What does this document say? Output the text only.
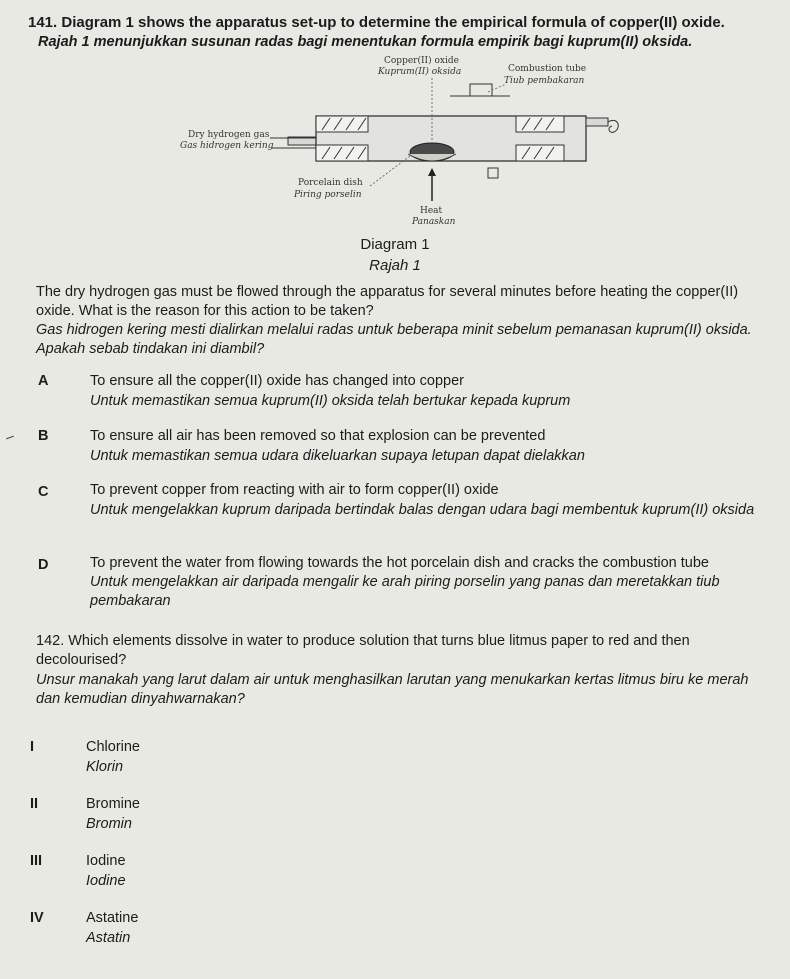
141. Diagram 1 shows the apparatus set-up to determine the empirical formula of copper(II) oxide.
Rajah 1 menunjukkan susunan radas bagi menentukan formula empirik bagi kuprum(II) oksida.
Copper(II) oxide
Kuprum(II) oksida	Combustion tube
Tiub pembakaran
Dry hydrogen gas
Gas hidrogen kering
Porcelain dish
Piring porselin
Heat
Panaskan
Diagram 1
Rajah 1
The dry hydrogen gas must be flowed through the apparatus for several minutes before heating the copper(II) oxide. What is the reason for this action to be taken?
Gas hidrogen kering mesti dialirkan melalui radas untuk beberapa minit sebelum pemanasan kuprum(II) oksida. Apakah sebab tindakan ini diambil?
A	To ensure all the copper(II) oxide has changed into copper
Untuk memastikan semua kuprum(II) oksida telah bertukar kepada kuprum
B	To ensure all air has been removed so that explosion can be prevented
Untuk memastikan semua udara dikeluarkan supaya letupan dapat dielakkan
C	To prevent copper from reacting with air to form copper(II) oxide
Untuk mengelakkan kuprum daripada bertindak balas dengan udara bagi membentuk kuprum(II) oksida
D	To prevent the water from flowing towards the hot porcelain dish and cracks the combustion tube
Untuk mengelakkan air daripada mengalir ke arah piring porselin yang panas dan meretakkan tiub pembakaran
142. Which elements dissolve in water to produce solution that turns blue litmus paper to red and then decolourised?
Unsur manakah yang larut dalam air untuk menghasilkan larutan yang menukarkan kertas litmus biru ke merah dan kemudian dinyahwarnakan?
I	Chlorine
Klorin
II	Bromine
Bromin
III	Iodine
Iodine
IV	Astatine
Astatin
